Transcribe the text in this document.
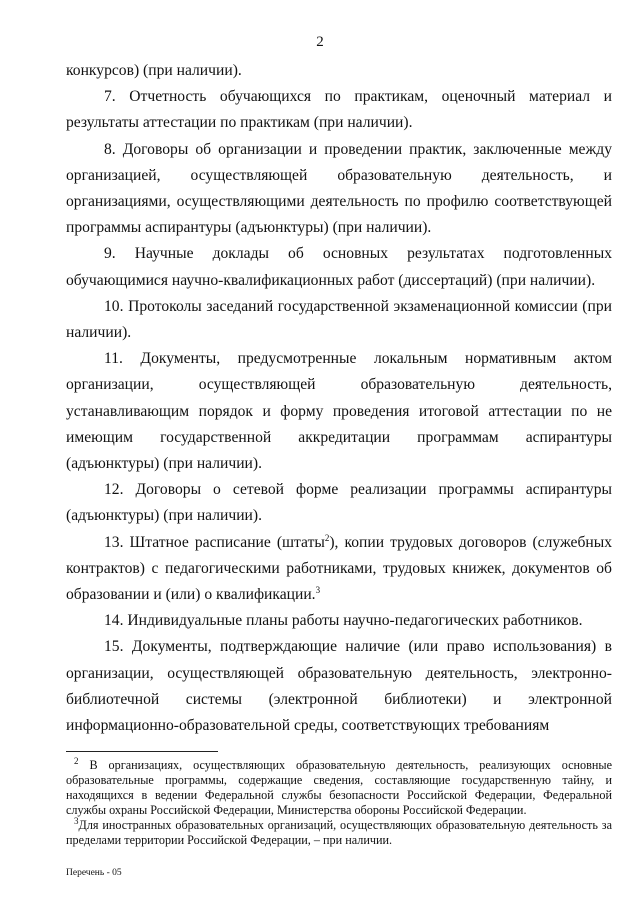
2

конкурсов) (при наличии).

7. Отчетность обучающихся по практикам, оценочный материал и результаты аттестации по практикам (при наличии).

8. Договоры об организации и проведении практик, заключенные между организацией, осуществляющей образовательную деятельность, и организациями, осуществляющими деятельность по профилю соответствующей программы аспирантуры (адъюнктуры) (при наличии).

9. Научные доклады об основных результатах подготовленных обучающимися научно-квалификационных работ (диссертаций) (при наличии).

10. Протоколы заседаний государственной экзаменационной комиссии (при наличии).

11. Документы, предусмотренные локальным нормативным актом организации, осуществляющей образовательную деятельность, устанавливающим порядок и форму проведения итоговой аттестации по не имеющим государственной аккредитации программам аспирантуры (адъюнктуры) (при наличии).

12. Договоры о сетевой форме реализации программы аспирантуры (адъюнктуры) (при наличии).

13. Штатное расписание (штаты$^2$), копии трудовых договоров (служебных контрактов) с педагогическими работниками, трудовых книжек, документов об образовании и (или) о квалификации.$^3$

14. Индивидуальные планы работы научно-педагогических работников.

15. Документы, подтверждающие наличие (или право использования) в организации, осуществляющей образовательную деятельность, электронно-библиотечной системы (электронной библиотеки) и электронной информационно-образовательной среды, соответствующих требованиям

$^2$ В организациях, осуществляющих образовательную деятельность, реализующих основные образовательные программы, содержащие сведения, составляющие государственную тайну, и находящихся в ведении Федеральной службы безопасности Российской Федерации, Федеральной службы охраны Российской Федерации, Министерства обороны Российской Федерации.

$^3$Для иностранных образовательных организаций, осуществляющих образовательную деятельность за пределами территории Российской Федерации, – при наличии.

Перечень - 05
